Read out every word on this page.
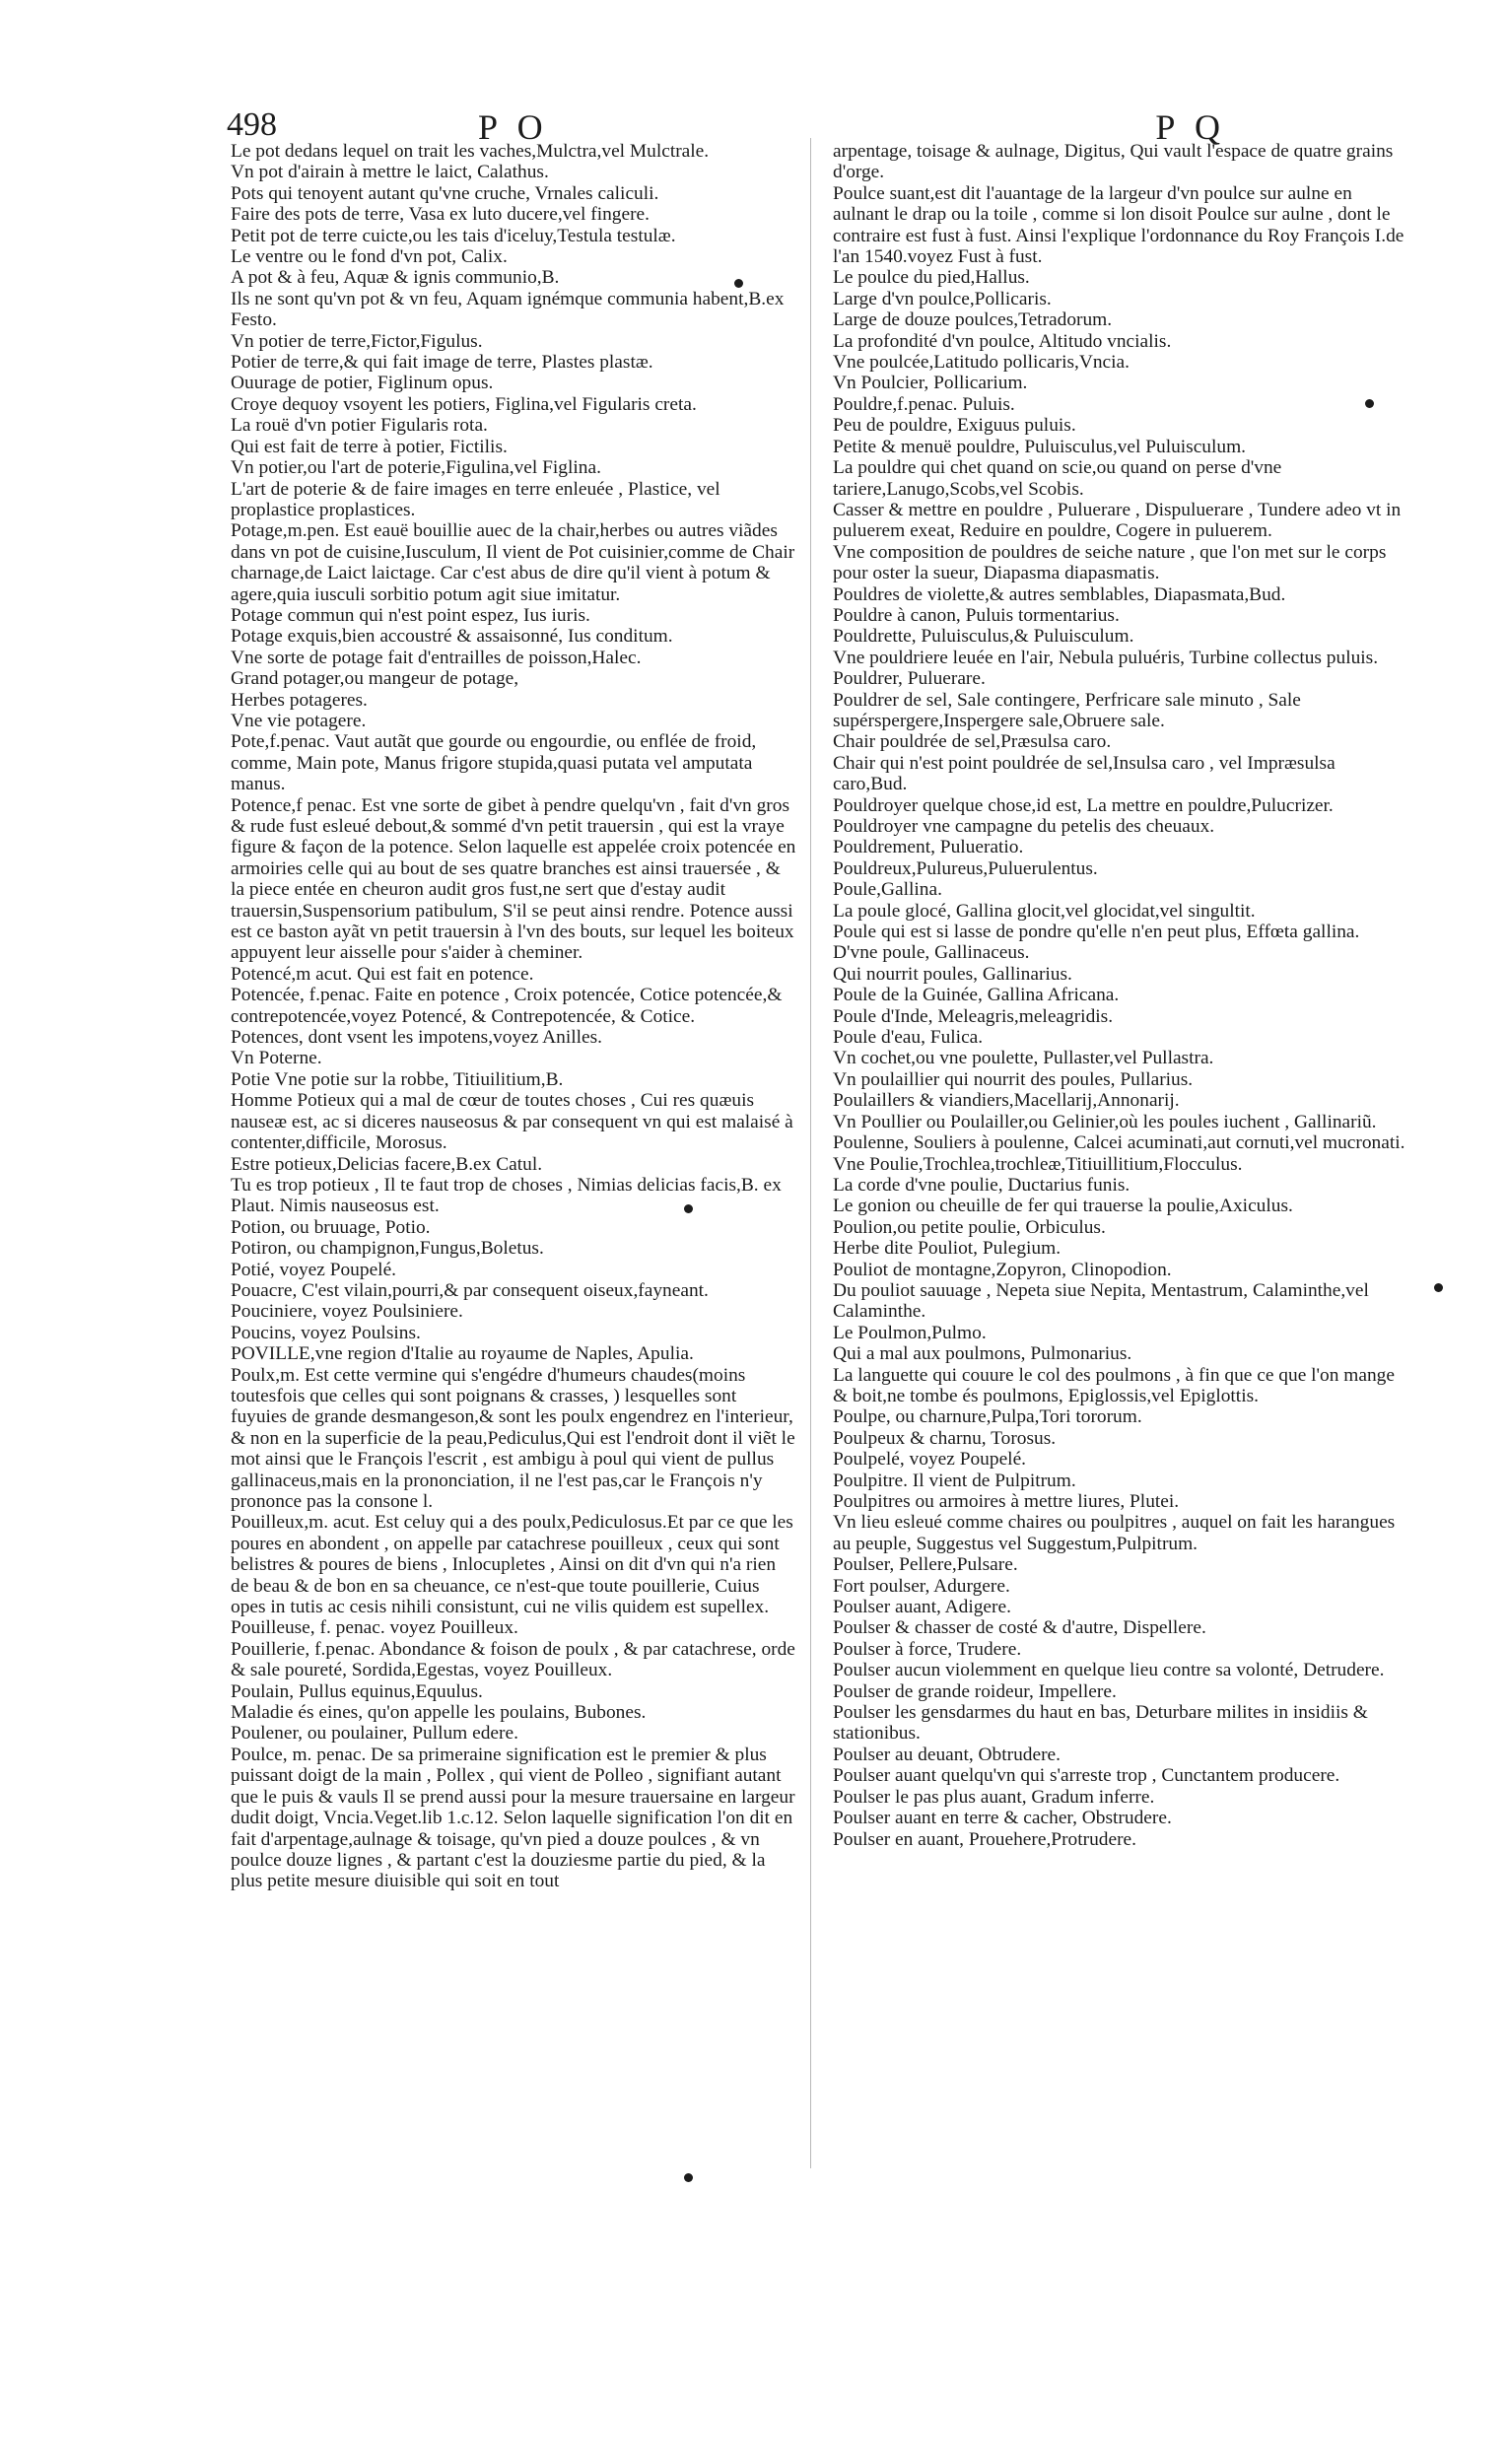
498	P O	P Q

Le pot dedans lequel on trait les vaches,Mulctra,vel Mulctrale.

Vn pot d'airain à mettre le laict, Calathus.

Pots qui tenoyent autant qu'vne cruche, Vrnales caliculi.

Faire des pots de terre, Vasa ex luto ducere,vel fingere.

Petit pot de terre cuicte,ou les tais d'iceluy,Testula testulæ.

Le ventre ou le fond d'vn pot, Calix.

A pot & à feu, Aquæ & ignis communio,B.

Ils ne sont qu'vn pot & vn feu, Aquam ignémque communia habent,B.ex Festo.

Vn potier de terre,Fictor,Figulus.

Potier de terre,& qui fait image de terre, Plastes plastæ.

Ouurage de potier, Figlinum opus.

Croye dequoy vsoyent les potiers, Figlina,vel Figularis creta.

La rouë d'vn potier Figularis rota.

Qui est fait de terre à potier, Fictilis.

Vn potier,ou l'art de poterie,Figulina,vel Figlina.

L'art de poterie & de faire images en terre enleuée , Plastice, vel proplastice proplastices.

Potage,m.pen. Est eauë bouillie auec de la chair,herbes ou autres viãdes dans vn pot de cuisine,Iusculum, Il vient de Pot cuisinier,comme de Chair charnage,de Laict laictage. Car c'est abus de dire qu'il vient à potum & agere,quia iusculi sorbitio potum agit siue imitatur.

Potage commun qui n'est point espez, Ius iuris.

Potage exquis,bien accoustré & assaisonné, Ius conditum.

Vne sorte de potage fait d'entrailles de poisson,Halec.

Grand potager,ou mangeur de potage,

Herbes potageres.

Vne vie potagere.

Pote,f.penac. Vaut autãt que gourde ou engourdie, ou enflée de froid, comme, Main pote, Manus frigore stupida,quasi putata vel amputata manus.

Potence,f penac. Est vne sorte de gibet à pendre quelqu'vn , fait d'vn gros & rude fust esleué debout,& sommé d'vn petit trauersin , qui est la vraye figure & façon de la potence. Selon laquelle est appelée croix potencée en armoiries celle qui au bout de ses quatre branches est ainsi trauersée , & la piece entée en cheuron audit gros fust,ne sert que d'estay audit trauersin,Suspensorium patibulum, S'il se peut ainsi rendre. Potence aussi est ce baston ayãt vn petit trauersin à l'vn des bouts, sur lequel les boiteux appuyent leur aisselle pour s'aider à cheminer.

Potencé,m acut. Qui est fait en potence.

Potencée, f.penac. Faite en potence , Croix potencée, Cotice potencée,& contrepotencée,voyez Potencé, & Contrepotencée, & Cotice.

Potences, dont vsent les impotens,voyez Anilles.

Vn Poterne.

Potie Vne potie sur la robbe, Titiuilitium,B.

Homme Potieux qui a mal de cœur de toutes choses , Cui res quæuis nauseæ est, ac si diceres nauseosus & par consequent vn qui est malaisé à contenter,difficile, Morosus.

Estre potieux,Delicias facere,B.ex Catul.

Tu es trop potieux , Il te faut trop de choses , Nimias delicias facis,B. ex Plaut. Nimis nauseosus est.

Potion, ou bruuage, Potio.

Potiron, ou champignon,Fungus,Boletus.

Potié, voyez Poupelé.

Pouacre, C'est vilain,pourri,& par consequent oiseux,fayneant.

Pouciniere, voyez Poulsiniere.

Poucins, voyez Poulsins.

POVILLE,vne region d'Italie au royaume de Naples, Apulia.

Poulx,m. Est cette vermine qui s'engédre d'humeurs chaudes(moins toutesfois que celles qui sont poignans & crasses, ) lesquelles sont fuyuies de grande desmangeson,& sont les poulx engendrez en l'interieur, & non en la superficie de la peau,Pediculus,Qui est l'endroit dont il viẽt le mot ainsi que le François l'escrit , est ambigu à poul qui vient de pullus gallinaceus,mais en la prononciation, il ne l'est pas,car le François n'y prononce pas la consone l.

Pouilleux,m. acut. Est celuy qui a des poulx,Pediculosus.Et par ce que les poures en abondent , on appelle par catachrese pouilleux , ceux qui sont belistres & poures de biens , Inlocupletes , Ainsi on dit d'vn qui n'a rien de beau & de bon en sa cheuance, ce n'est-que toute pouillerie, Cuius opes in tutis ac cesis nihili consistunt, cui ne vilis quidem est supellex.

Pouilleuse, f. penac. voyez Pouilleux.

Pouillerie, f.penac. Abondance & foison de poulx , & par catachrese, orde & sale poureté, Sordida,Egestas, voyez Pouilleux.

Poulain, Pullus equinus,Equulus.

Maladie és eines, qu'on appelle les poulains, Bubones.

Poulener, ou poulainer, Pullum edere.

Poulce, m. penac. De sa primeraine signification est le premier & plus puissant doigt de la main , Pollex , qui vient de Polleo , signifiant autant que le puis & vauls Il se prend aussi pour la mesure trauersaine en largeur dudit doigt, Vncia.Veget.lib 1.c.12. Selon laquelle signification l'on dit en fait d'arpentage,aulnage & toisage, qu'vn pied a douze poulces , & vn poulce douze lignes , & partant c'est la douziesme partie du pied, & la plus petite mesure diuisible qui soit en tout

arpentage, toisage & aulnage, Digitus, Qui vault l'espace de quatre grains d'orge.

Poulce suant,est dit l'auantage de la largeur d'vn poulce sur aulne en aulnant le drap ou la toile , comme si lon disoit Poulce sur aulne , dont le contraire est fust à fust. Ainsi l'explique l'ordonnance du Roy François I.de l'an 1540.voyez Fust à fust.

Le poulce du pied,Hallus.

Large d'vn poulce,Pollicaris.

Large de douze poulces,Tetradorum.

La profondité d'vn poulce, Altitudo vncialis.

Vne poulcée,Latitudo pollicaris,Vncia.

Vn Poulcier, Pollicarium.

Pouldre,f.penac. Puluis.

Peu de pouldre, Exiguus puluis.

Petite & menuë pouldre, Puluisculus,vel Puluisculum.

La pouldre qui chet quand on scie,ou quand on perse d'vne tariere,Lanugo,Scobs,vel Scobis.

Casser & mettre en pouldre , Puluerare , Dispuluerare , Tundere adeo vt in puluerem exeat, Reduire en pouldre, Cogere in puluerem.

Vne composition de pouldres de seiche nature , que l'on met sur le corps pour oster la sueur, Diapasma diapasmatis.

Pouldres de violette,& autres semblables, Diapasmata,Bud.

Pouldre à canon, Puluis tormentarius.

Pouldrette, Puluisculus,& Puluisculum.

Vne pouldriere leuée en l'air, Nebula puluéris, Turbine collectus puluis.

Pouldrer, Puluerare.

Pouldrer de sel, Sale contingere, Perfricare sale minuto , Sale supérspergere,Inspergere sale,Obruere sale.

Chair pouldrée de sel,Præsulsa caro.

Chair qui n'est point pouldrée de sel,Insulsa caro , vel Impræsulsa caro,Bud.

Pouldroyer quelque chose,id est, La mettre en pouldre,Pulucrizer.

Pouldroyer vne campagne du petelis des cheuaux.

Pouldrement, Pulueratio.

Pouldreux,Pulureus,Puluerulentus.

Poule,Gallina.

La poule glocé, Gallina glocit,vel glocidat,vel singultit.

Poule qui est si lasse de pondre qu'elle n'en peut plus, Effœta gallina.

D'vne poule, Gallinaceus.

Qui nourrit poules, Gallinarius.

Poule de la Guinée, Gallina Africana.

Poule d'Inde, Meleagris,meleagridis.

Poule d'eau, Fulica.

Vn cochet,ou vne poulette, Pullaster,vel Pullastra.

Vn poulaillier qui nourrit des poules, Pullarius.

Poulaillers & viandiers,Macellarij,Annonarij.

Vn Poullier ou Poulailler,ou Gelinier,où les poules iuchent , Gallinariũ.

Poulenne, Souliers à poulenne, Calcei acuminati,aut cornuti,vel mucronati.

Vne Poulie,Trochlea,trochleæ,Titiuillitium,Flocculus.

La corde d'vne poulie, Ductarius funis.

Le gonion ou cheuille de fer qui trauerse la poulie,Axiculus.

Poulion,ou petite poulie, Orbiculus.

Herbe dite Pouliot, Pulegium.

Pouliot de montagne,Zopyron, Clinopodion.

Du pouliot sauuage , Nepeta siue Nepita, Mentastrum, Calaminthe,vel Calaminthe.

Le Poulmon,Pulmo.

Qui a mal aux poulmons, Pulmonarius.

La languette qui couure le col des poulmons , à fin que ce que l'on mange & boit,ne tombe és poulmons, Epiglossis,vel Epiglottis.

Poulpe, ou charnure,Pulpa,Tori tororum.

Poulpeux & charnu, Torosus.

Poulpelé, voyez Poupelé.

Poulpitre. Il vient de Pulpitrum.

Poulpitres ou armoires à mettre liures, Plutei.

Vn lieu esleué comme chaires ou poulpitres , auquel on fait les harangues au peuple, Suggestus vel Suggestum,Pulpitrum.

Poulser, Pellere,Pulsare.

Fort poulser, Adurgere.

Poulser auant, Adigere.

Poulser & chasser de costé & d'autre, Dispellere.

Poulser à force, Trudere.

Poulser aucun violemment en quelque lieu contre sa volonté, Detrudere.

Poulser de grande roideur, Impellere.

Poulser les gensdarmes du haut en bas, Deturbare milites in insidiis & stationibus.

Poulser au deuant, Obtrudere.

Poulser auant quelqu'vn qui s'arreste trop , Cunctantem producere.

Poulser le pas plus auant, Gradum inferre.

Poulser auant en terre & cacher, Obstrudere.

Poulser en auant, Prouehere,Protrudere.
